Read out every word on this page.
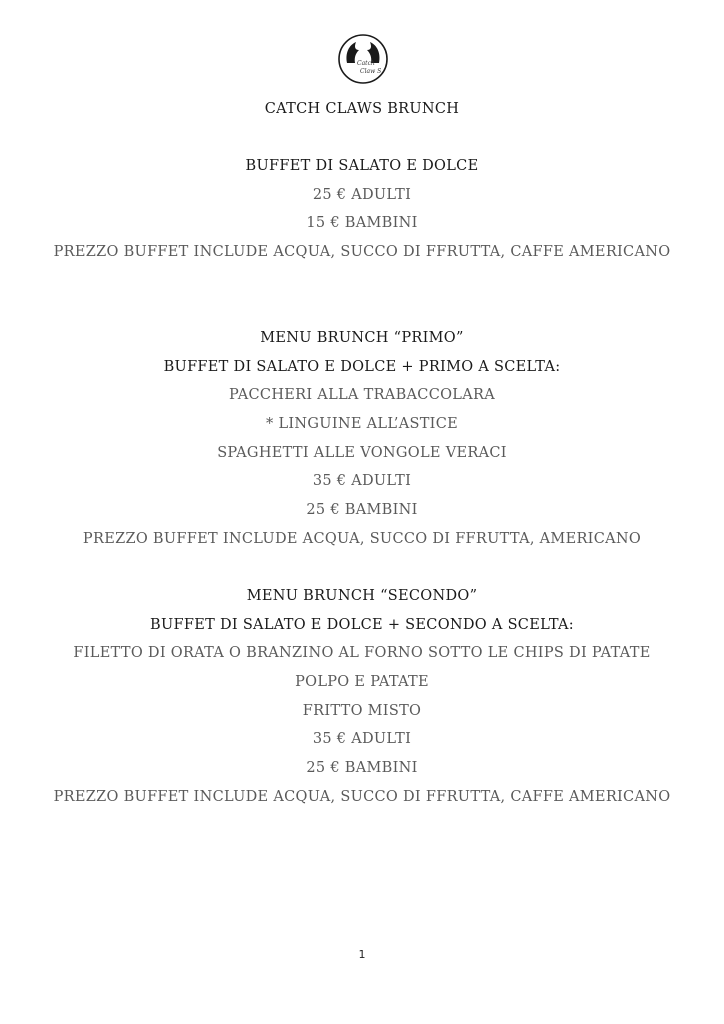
Catch
Claw S
CATCH CLAWS BRUNCH
BUFFET DI SALATO E DOLCE
25 € ADULTI
15 € BAMBINI
PREZZO BUFFET INCLUDE ACQUA, SUCCO DI FFRUTTA, CAFFE AMERICANO
MENU BRUNCH “PRIMO”
BUFFET DI SALATO E DOLCE + PRIMO A SCELTA:
PACCHERI ALLA TRABACCOLARA
* LINGUINE ALL’ASTICE
SPAGHETTI ALLE VONGOLE VERACI
35 € ADULTI
25 € BAMBINI
PREZZO BUFFET INCLUDE ACQUA, SUCCO DI FFRUTTA, AMERICANO
MENU BRUNCH “SECONDO”
BUFFET DI SALATO E DOLCE + SECONDO A SCELTA:
FILETTO DI ORATA O BRANZINO AL FORNO SOTTO LE CHIPS DI PATATE
POLPO E PATATE
FRITTO MISTO
35 € ADULTI
25 € BAMBINI
PREZZO BUFFET INCLUDE ACQUA, SUCCO DI FFRUTTA, CAFFE AMERICANO
1
